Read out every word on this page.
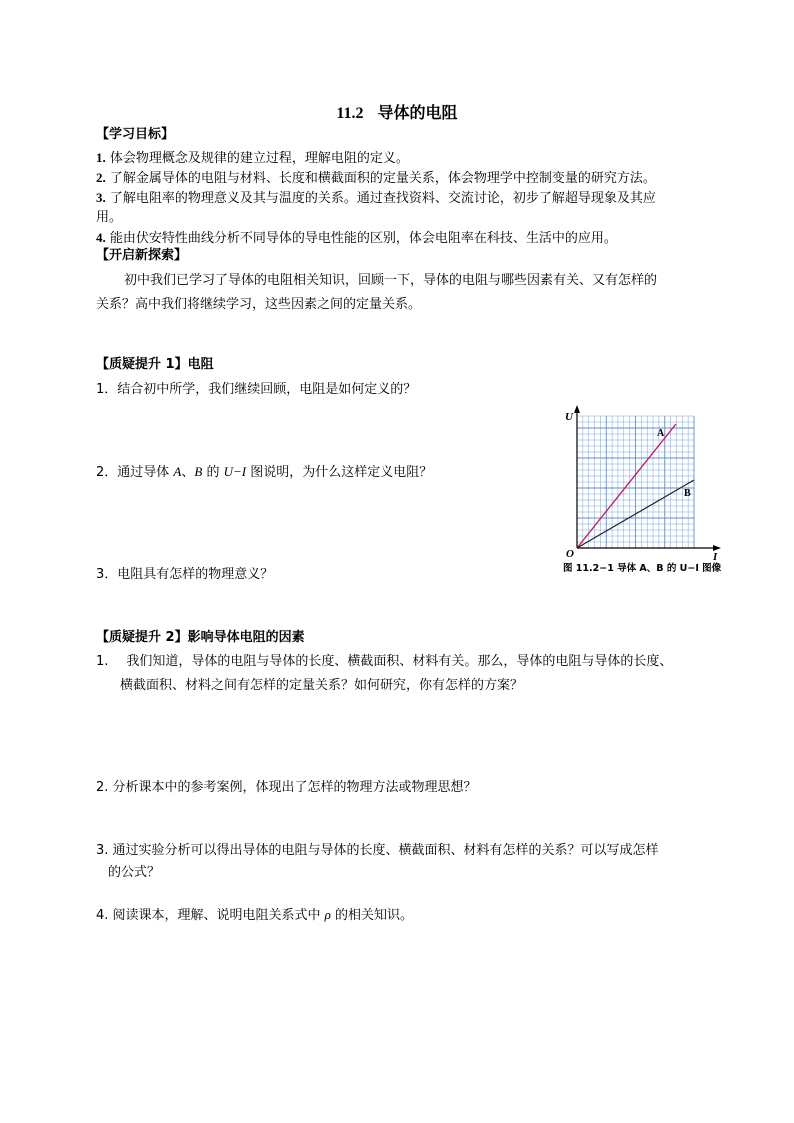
11.2 导体的电阻
【学习目标】
1. 体会物理概念及规律的建立过程，理解电阻的定义。
2. 了解金属导体的电阻与材料、长度和横截面积的定量关系，体会物理学中控制变量的研究方法。
3. 了解电阻率的物理意义及其与温度的关系。通过查找资料、交流讨论，初步了解超导现象及其应
用。
4. 能由伏安特性曲线分析不同导体的导电性能的区别，体会电阻率在科技、生活中的应用。
【开启新探索】
初中我们已学习了导体的电阻相关知识，回顾一下，导体的电阻与哪些因素有关、又有怎样的
关系？高中我们将继续学习，这些因素之间的定量关系。
【质疑提升 1】电阻
1．结合初中所学，我们继续回顾，电阻是如何定义的？
2．通过导体 A、B 的 U−I 图说明，为什么这样定义电阻？
3．电阻具有怎样的物理意义？
U
I
O
A
B
图 11.2−1 导体 A、B 的 U−I 图像
【质疑提升 2】影响导体电阻的因素
1. 我们知道，导体的电阻与导体的长度、横截面积、材料有关。那么，导体的电阻与导体的长度、
横截面积、材料之间有怎样的定量关系？如何研究，你有怎样的方案？
2. 分析课本中的参考案例，体现出了怎样的物理方法或物理思想？
3. 通过实验分析可以得出导体的电阻与导体的长度、横截面积、材料有怎样的关系？可以写成怎样
的公式？
4. 阅读课本，理解、说明电阻关系式中 ρ 的相关知识。
